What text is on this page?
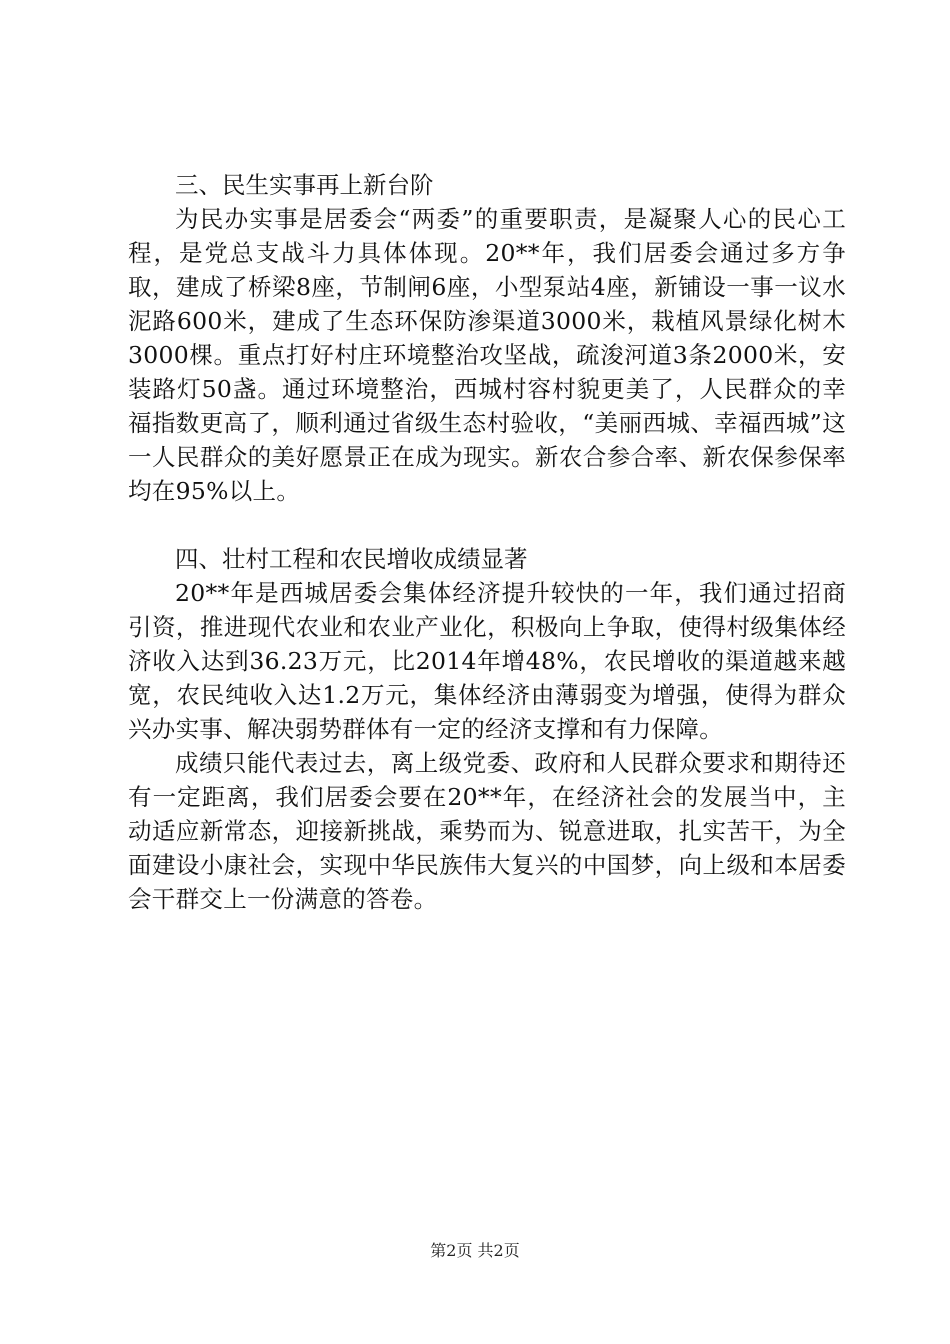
三、民生实事再上新台阶

为民办实事是居委会“两委”的重要职责，是凝聚人心的民心工程，是党总支战斗力具体体现。20**年，我们居委会通过多方争取，建成了桥梁8座，节制闸6座，小型泵站4座，新铺设一事一议水泥路600米，建成了生态环保防渗渠道3000米，栽植风景绿化树木3000棵。重点打好村庄环境整治攻坚战，疏浚河道3条2000米，安装路灯50盏。通过环境整治，西城村容村貌更美了，人民群众的幸福指数更高了，顺利通过省级生态村验收，“美丽西城、幸福西城”这一人民群众的美好愿景正在成为现实。新农合参合率、新农保参保率均在95%以上。

四、壮村工程和农民增收成绩显著

20**年是西城居委会集体经济提升较快的一年，我们通过招商引资，推进现代农业和农业产业化，积极向上争取，使得村级集体经济收入达到36.23万元，比2014年增48%，农民增收的渠道越来越宽，农民纯收入达1.2万元，集体经济由薄弱变为增强，使得为群众兴办实事、解决弱势群体有一定的经济支撑和有力保障。

成绩只能代表过去，离上级党委、政府和人民群众要求和期待还有一定距离，我们居委会要在20**年，在经济社会的发展当中，主动适应新常态，迎接新挑战，乘势而为、锐意进取，扎实苦干，为全面建设小康社会，实现中华民族伟大复兴的中国梦，向上级和本居委会干群交上一份满意的答卷。

第2页 共2页
